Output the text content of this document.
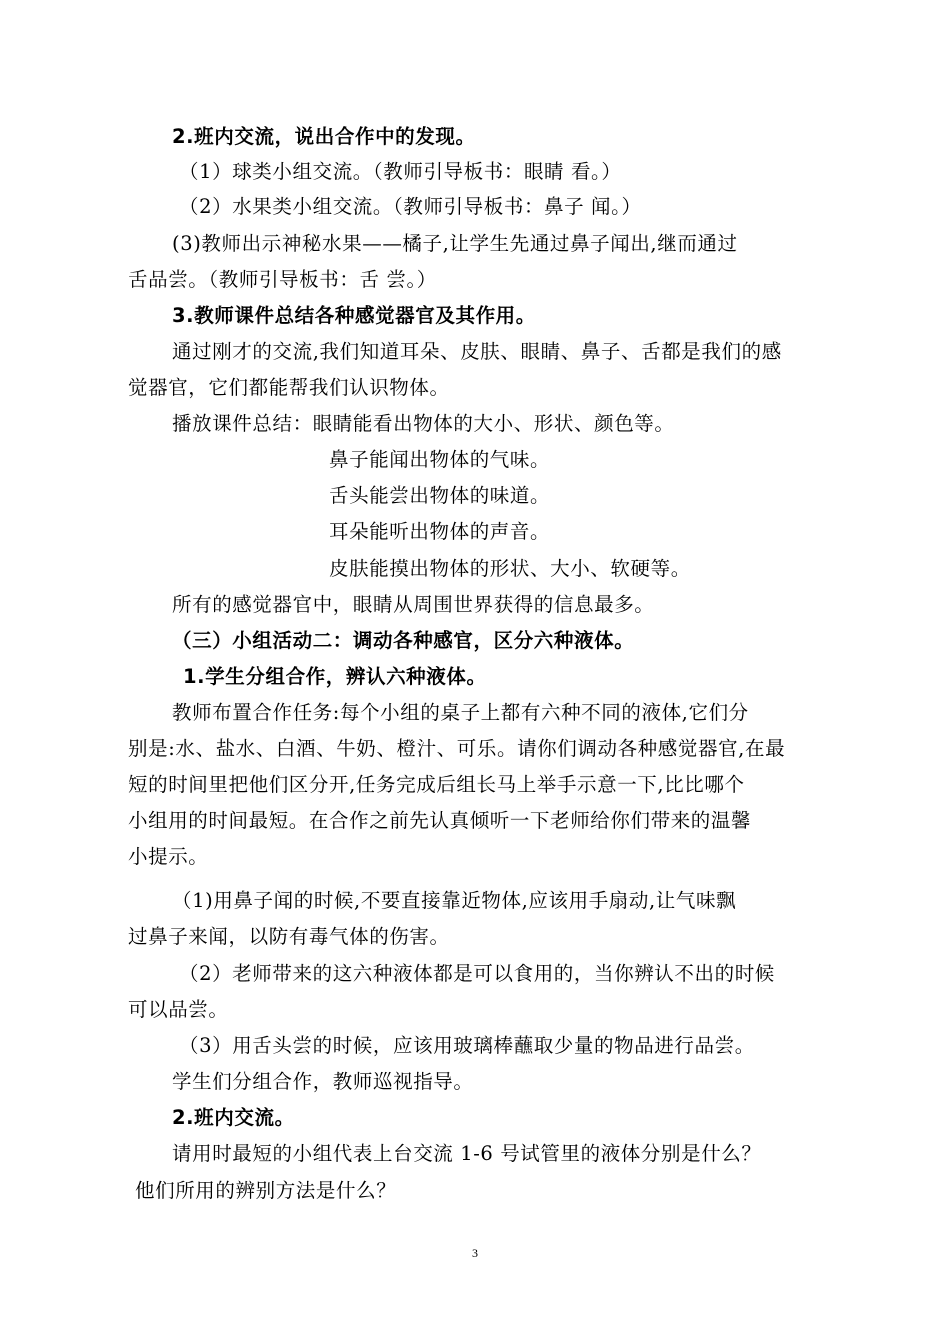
2.班内交流，说出合作中的发现。
（1）球类小组交流。（教师引导板书：眼睛 看。）
（2）水果类小组交流。（教师引导板书：鼻子 闻。）
(3)教师出示神秘水果——橘子,让学生先通过鼻子闻出,继而通过
舌品尝。（教师引导板书：舌 尝。）
3.教师课件总结各种感觉器官及其作用。
通过刚才的交流,我们知道耳朵、皮肤、眼睛、鼻子、舌都是我们的感
觉器官，它们都能帮我们认识物体。
播放课件总结：眼睛能看出物体的大小、形状、颜色等。
鼻子能闻出物体的气味。
舌头能尝出物体的味道。
耳朵能听出物体的声音。
皮肤能摸出物体的形状、大小、软硬等。
所有的感觉器官中，眼睛从周围世界获得的信息最多。
（三）小组活动二：调动各种感官，区分六种液体。
1.学生分组合作，辨认六种液体。
教师布置合作任务:每个小组的桌子上都有六种不同的液体,它们分
别是:水、盐水、白酒、牛奶、橙汁、可乐。请你们调动各种感觉器官,在最
短的时间里把他们区分开,任务完成后组长马上举手示意一下,比比哪个
小组用的时间最短。在合作之前先认真倾听一下老师给你们带来的温馨
小提示。
（1)用鼻子闻的时候,不要直接靠近物体,应该用手扇动,让气味飘
过鼻子来闻，以防有毒气体的伤害。
（2）老师带来的这六种液体都是可以食用的，当你辨认不出的时候
可以品尝。
（3）用舌头尝的时候，应该用玻璃棒蘸取少量的物品进行品尝。
学生们分组合作，教师巡视指导。
2.班内交流。
请用时最短的小组代表上台交流 1-6 号试管里的液体分别是什么？
他们所用的辨别方法是什么？
3
